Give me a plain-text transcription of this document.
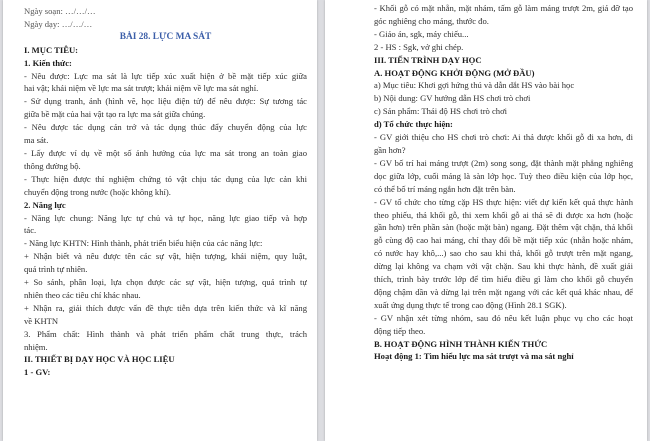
Ngày soạn: …/…/…
Ngày dạy: …/…/…
BÀI 28. LỰC MA SÁT
I. MỤC TIÊU:
1. Kiến thức:
- Nêu được: Lực ma sát là lực tiếp xúc xuất hiện ở bề mặt tiếp xúc giữa
hai vật; khái niệm về lực ma sát trượt; khái niệm về lực ma sát nghỉ.
- Sử dụng tranh, ảnh (hình vẽ, học liệu điện tử) để nêu được: Sự tương tác
giữa bề mặt của hai vật tạo ra lực ma sát giữa chúng.
- Nêu được tác dụng cản trở và tác dụng thúc đẩy chuyển động của lực
ma sát.
- Lấy được ví dụ về một số ảnh hưởng của lực ma sát trong an toàn giao
thông đường bộ.
- Thực hiện được thí nghiệm chứng tỏ vật chịu tác dụng của lực cản khi
chuyển động trong nước (hoặc không khí).
2. Năng lực
- Năng lực chung: Năng lực tự chủ và tự học, năng lực giao tiếp và hợp
tác.
- Năng lực KHTN: Hình thành, phát triển biểu hiện của các năng lực:
+ Nhận biết và nêu được tên các sự vật, hiện tượng, khái niệm, quy luật,
quá trình tự nhiên.
+ So sánh, phân loại, lựa chọn được các sự vật, hiện tượng, quá trình tự
nhiên theo các tiêu chí khác nhau.
+ Nhận ra, giải thích được vấn đề thực tiễn dựa trên kiến thức và kĩ năng
về KHTN
3. Phẩm chất: Hình thành và phát triển phẩm chất trung thực, trách
nhiệm.
II. THIẾT BỊ DẠY HỌC VÀ HỌC LIỆU
1 - GV:
- Khối gỗ có mặt nhẵn, mặt nhám, tấm gỗ làm máng trượt 2m, giá đỡ tạo
góc nghiêng cho máng, thước đo.
- Giáo án, sgk, máy chiếu...
2 - HS : Sgk, vở ghi chép.
III. TIẾN TRÌNH DẠY HỌC
A. HOẠT ĐỘNG KHỞI ĐỘNG (MỞ ĐẦU)
a) Mục tiêu: Khơi gợi hứng thú và dẫn dắt HS vào bài học
b) Nội dung: GV hướng dẫn HS chơi trò chơi
c) Sản phẩm: Thái độ HS chơi trò chơi
d) Tổ chức thực hiện:
- GV giới thiệu cho HS chơi trò chơi: Ai thả được khối gỗ đi xa hơn, đi
gần hơn?
- GV bố trí hai máng trượt (2m) song song, đặt thành mặt phẳng nghiêng
dọc giữa lớp, cuối máng là sàn lớp học. Tuỳ theo điều kiện của lớp học,
có thể bố trí máng ngắn hơn đặt trên bàn.
- GV tổ chức cho từng cặp HS thực hiện: viết dự kiến kết quả thực hành
theo phiếu, thả khối gỗ, thi xem khối gỗ ai thả sẽ đi được xa hơn (hoặc
gần hơn) trên phần sàn (hoặc mặt bàn) ngang. Đặt thêm vật chặn, thả khối
gỗ cùng độ cao hai máng, chỉ thay đổi bề mặt tiếp xúc (nhẵn hoặc nhám,
có nước hay khô,...) sao cho sau khi thả, khối gỗ trượt trên mặt ngang,
dừng lại không va chạm với vật chặn. Sau khi thực hành, đề xuất giải
thích, trình bày trước lớp để tìm hiểu điều gì làm cho khối gỗ chuyển
động chậm dần và dừng lại trên mặt ngang với các kết quả khác nhau, để
xuất ứng dụng thực tế trong cao động (Hình 28.1 SGK).
- GV nhận xét từng nhóm, sau đó nêu kết luận phục vụ cho các hoạt
động tiếp theo.
B. HOẠT ĐỘNG HÌNH THÀNH KIẾN THỨC
Hoạt động 1: Tìm hiểu lực ma sát trượt và ma sát nghỉ
